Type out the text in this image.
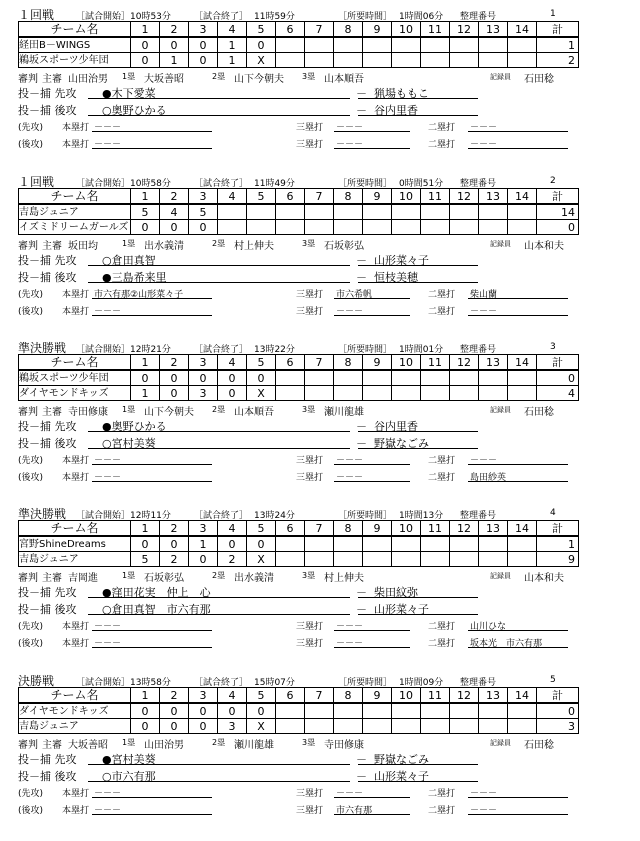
１回戦 ［試合開始］ 10時53分	［試合終了］ 11時59分	［所要時間］ 1時間06分 整理番号	1
チーム名	1	2	3	4	5	6	7	8	9	10	11	12	13	14	計
経田B－WINGS	0	0	0	1	0										1
鵜坂スポーツ少年団	0	1	0	1	X										2
審判 主審 山田治男 1塁 大坂善昭	2塁 山下今朝夫 3塁 山本順吾	記録員 石田稔
投－捕 先攻 ●木下愛菜	－ 猟場ももこ
投－捕 後攻 ○奥野ひかる	－ 谷内里香
(先攻) 本塁打 －－－	三塁打 －－－	二塁打 －－－
(後攻) 本塁打 －－－	三塁打 －－－	二塁打 －－－
１回戦 ［試合開始］ 10時58分	［試合終了］ 11時49分	［所要時間］ 0時間51分 整理番号	2
チーム名	1	2	3	4	5	6	7	8	9	10	11	12	13	14	計
吉島ジュニア	5	4	5												14
イズミドリームガールズ	0	0	0												0
審判 主審 坂田均	1塁 出水義清	2塁 村上伸夫	3塁 石坂彰弘	記録員 山本和夫
投－捕 先攻 ○倉田真智	－ 山形菜々子
投－捕 後攻 ●三島希来里	－ 恒枝美穂
(先攻) 本塁打 市六有那②山形菜々子	三塁打 市六希帆	二塁打 柴山蘭
(後攻) 本塁打 －－－	三塁打 －－－	二塁打 －－－
準決勝戦 ［試合開始］ 12時21分	［試合終了］ 13時22分	［所要時間］ 1時間01分 整理番号	3
チーム名	1	2	3	4	5	6	7	8	9	10	11	12	13	14	計
鵜坂スポーツ少年団	0	0	0	0	0										0
ダイヤモンドキッズ	1	0	3	0	X										4
審判 主審 寺田修康 1塁 山下今朝夫 2塁 山本順吾	3塁 瀬川龍雄	記録員 石田稔
投－捕 先攻 ●奥野ひかる	－ 谷内里香
投－捕 後攻 ○宮村美葵	－ 野嶽なごみ
(先攻) 本塁打 －－－	三塁打 －－－	二塁打 －－－
(後攻) 本塁打 －－－	三塁打 －－－	二塁打 島田紗英
準決勝戦 ［試合開始］ 12時11分	［試合終了］ 13時24分	［所要時間］ 1時間13分 整理番号	4
チーム名	1	2	3	4	5	6	7	8	9	10	11	12	13	14	計
宮野ShineDreams	0	0	1	0	0										1
吉島ジュニア	5	2	0	2	X										9
審判 主審 吉岡進	1塁 石坂彰弘	2塁 出水義清	3塁 村上伸夫	記録員 山本和夫
投－捕 先攻 ●窪田花実　仲上　心	－ 柴田紋弥
投－捕 後攻 ○倉田真智　市六有那	－ 山形菜々子
(先攻) 本塁打 －－－	三塁打 －－－	二塁打 山川ひな
(後攻) 本塁打 －－－	三塁打 －－－	二塁打 坂本光　市六有那
決勝戦 ［試合開始］ 13時58分	［試合終了］ 15時07分	［所要時間］ 1時間09分 整理番号	5
チーム名	1	2	3	4	5	6	7	8	9	10	11	12	13	14	計
ダイヤモンドキッズ	0	0	0	0	0										0
吉島ジュニア	0	0	0	3	X										3
審判 主審 大坂善昭 1塁 山田治男	2塁 瀬川龍雄	3塁 寺田修康	記録員 石田稔
投－捕 先攻 ●宮村美葵	－ 野嶽なごみ
投－捕 後攻 ○市六有那	－ 山形菜々子
(先攻) 本塁打 －－－	三塁打 －－－	二塁打 －－－
(後攻) 本塁打 －－－	三塁打 市六有那	二塁打 －－－
